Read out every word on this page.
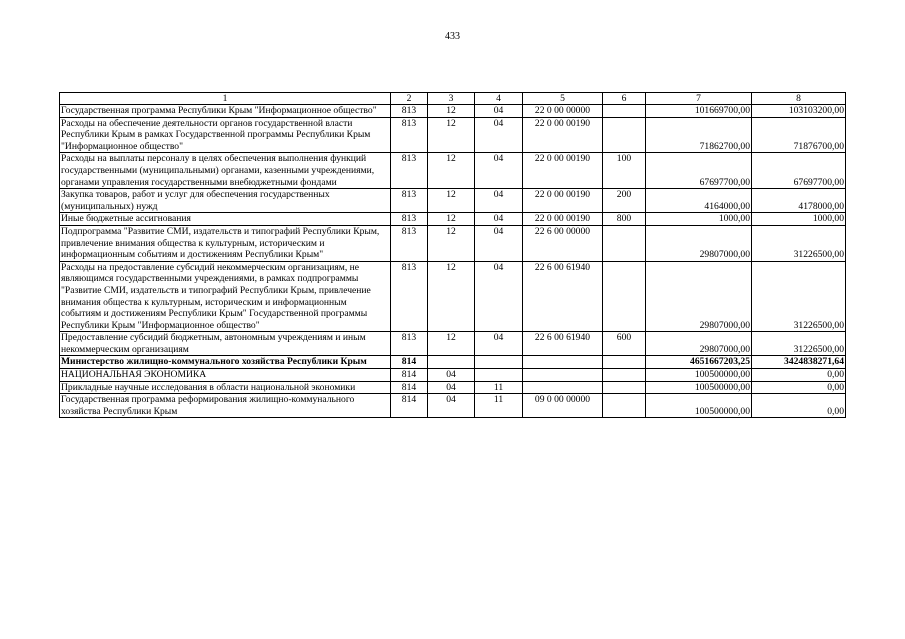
433
1	2	3	4	5	6	7	8
Государственная программа Республики Крым "Информационное общество"	813	12	04	22 0 00 00000		101669700,00	103103200,00
Расходы на обеспечение деятельности органов государственной власти Республики Крым в рамках Государственной программы Республики Крым "Информационное общество"	813	12	04	22 0 00 00190		71862700,00	71876700,00
Расходы на выплаты персоналу в целях обеспечения выполнения функций государственными (муниципальными) органами, казенными учреждениями, органами управления государственными внебюджетными фондами	813	12	04	22 0 00 00190	100	67697700,00	67697700,00
Закупка товаров, работ и услуг для обеспечения государственных (муниципальных) нужд	813	12	04	22 0 00 00190	200	4164000,00	4178000,00
Иные бюджетные ассигнования	813	12	04	22 0 00 00190	800	1000,00	1000,00
Подпрограмма "Развитие СМИ, издательств и типографий Республики Крым, привлечение внимания общества к культурным, историческим и информационным событиям и достижениям Республики Крым"	813	12	04	22 6 00 00000		29807000,00	31226500,00
Расходы на предоставление субсидий некоммерческим организациям, не являющимся государственными учреждениями, в рамках подпрограммы "Развитие СМИ, издательств и типографий Республики Крым, привлечение внимания общества к культурным, историческим и информационным событиям и достижениям Республики Крым" Государственной программы Республики Крым "Информационное общество"	813	12	04	22 6 00 61940		29807000,00	31226500,00
Предоставление субсидий бюджетным, автономным учреждениям и иным некоммерческим организациям	813	12	04	22 6 00 61940	600	29807000,00	31226500,00
Министерство жилищно-коммунального хозяйства Республики Крым	814					4651667203,25	3424838271,64
НАЦИОНАЛЬНАЯ ЭКОНОМИКА	814	04				100500000,00	0,00
Прикладные научные исследования в области национальной экономики	814	04	11			100500000,00	0,00
Государственная программа реформирования жилищно-коммунального хозяйства Республики Крым	814	04	11	09 0 00 00000		100500000,00	0,00
